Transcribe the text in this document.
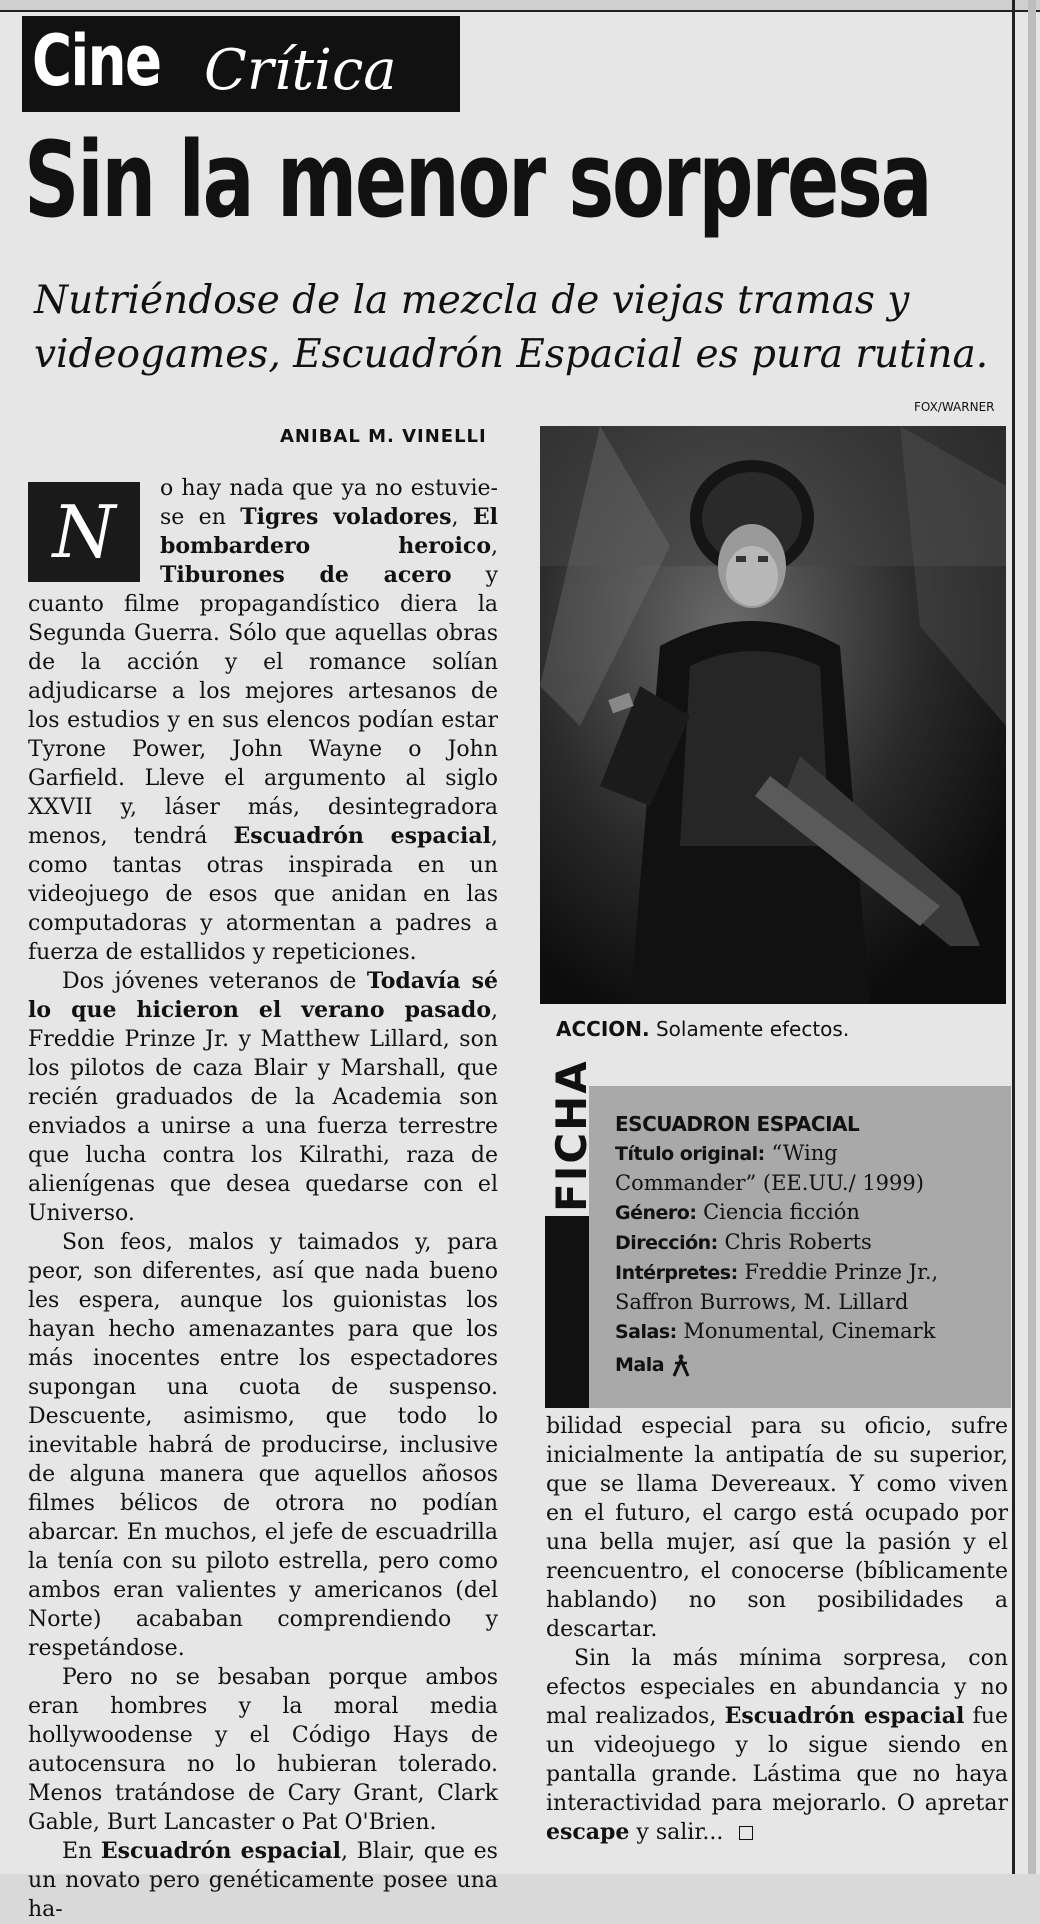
Cine Crítica
Sin la menor sorpresa
Nutriéndose de la mezcla de viejas tramas y videogames, Escuadrón Espacial es pura rutina.
FOX/WARNER
ANIBAL M. VINELLI

N
o hay nada que ya no estuvie-se en Tigres voladores, El bombardero heroico, Tiburones de acero y cuanto filme propagandístico diera la Segunda Guerra. Sólo que aquellas obras de la acción y el romance solían adjudicarse a los mejores artesanos de los estudios y en sus elencos podían estar Tyrone Power, John Wayne o John Garfield. Lleve el argumento al siglo XXVII y, láser más, desintegradora menos, tendrá Escuadrón espacial, como tantas otras inspirada en un videojuego de esos que anidan en las computadoras y atormentan a padres a fuerza de estallidos y repeticiones.

Dos jóvenes veteranos de Todavía sé lo que hicieron el verano pasado, Freddie Prinze Jr. y Matthew Lillard, son los pilotos de caza Blair y Marshall, que recién graduados de la Academia son enviados a unirse a una fuerza terrestre que lucha contra los Kilrathi, raza de alienígenas que desea quedarse con el Universo.

Son feos, malos y taimados y, para peor, son diferentes, así que nada bueno les espera, aunque los guionistas los hayan hecho amenazantes para que los más inocentes entre los espectadores supongan una cuota de suspenso. Descuente, asimismo, que todo lo inevitable habrá de producirse, inclusive de alguna manera que aquellos añosos filmes bélicos de otrora no podían abarcar. En muchos, el jefe de escuadrilla la tenía con su piloto estrella, pero como ambos eran valientes y americanos (del Norte) acababan comprendiendo y respetándose.

Pero no se besaban porque ambos eran hombres y la moral media hollywoodense y el Código Hays de autocensura no lo hubieran tolerado. Menos tratándose de Cary Grant, Clark Gable, Burt Lancaster o Pat O'Brien.

En Escuadrón espacial, Blair, que es un novato pero genéticamente posee una ha-

ACCION. Solamente efectos.
FICHA ESCUADRON ESPACIAL
Título original: “Wing Commander” (EE.UU./ 1999)
Género: Ciencia ficción
Dirección: Chris Roberts
Intérpretes: Freddie Prinze Jr., Saffron Burrows, M. Lillard
Salas: Monumental, Cinemark
Mala

bilidad especial para su oficio, sufre inicialmente la antipatía de su superior, que se llama Devereaux. Y como viven en el futuro, el cargo está ocupado por una bella mujer, así que la pasión y el reencuentro, el conocerse (bíblicamente hablando) no son posibilidades a descartar.

Sin la más mínima sorpresa, con efectos especiales en abundancia y no mal realizados, Escuadrón espacial fue un videojuego y lo sigue siendo en pantalla grande. Lástima que no haya interactividad para mejorarlo. O apretar escape y salir...
